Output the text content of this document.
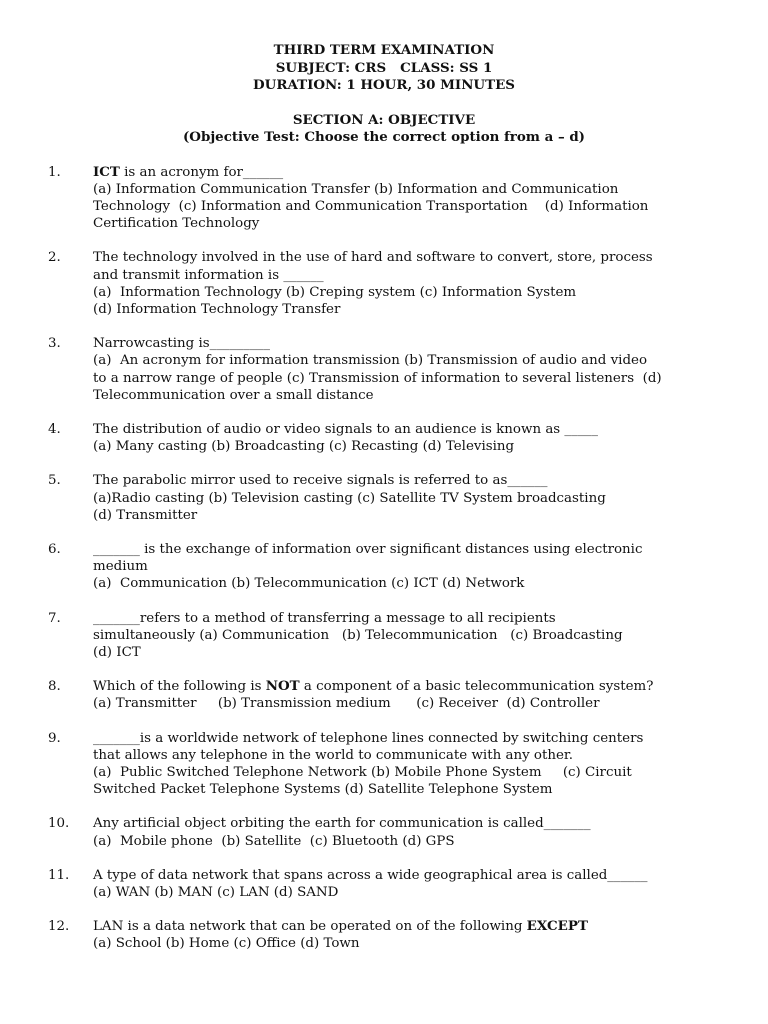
THIRD TERM EXAMINATION
SUBJECT: CRS CLASS: SS 1
DURATION: 1 HOUR, 30 MINUTES
SECTION A: OBJECTIVE
(Objective Test: Choose the correct option from a – d)
1. ICT is an acronym for______
(a) Information Communication Transfer (b) Information and Communication
Technology  (c) Information and Communication Transportation    (d) Information
Certification Technology
2. The technology involved in the use of hard and software to convert, store, process
and transmit information is ______
(a)  Information Technology (b) Creping system (c) Information System
(d) Information Technology Transfer
3. Narrowcasting is_________
(a)  An acronym for information transmission (b) Transmission of audio and video
to a narrow range of people (c) Transmission of information to several listeners  (d)
Telecommunication over a small distance
4. The distribution of audio or video signals to an audience is known as _____
(a) Many casting (b) Broadcasting (c) Recasting (d) Televising
5. The parabolic mirror used to receive signals is referred to as______
(a)Radio casting (b) Television casting (c) Satellite TV System broadcasting
(d) Transmitter
6. _______ is the exchange of information over significant distances using electronic
medium
(a)  Communication (b) Telecommunication (c) ICT (d) Network
7. _______refers to a method of transferring a message to all recipients
simultaneously (a) Communication   (b) Telecommunication   (c) Broadcasting
(d) ICT
8. Which of the following is NOT a component of a basic telecommunication system?
(a) Transmitter     (b) Transmission medium      (c) Receiver  (d) Controller
9. _______is a worldwide network of telephone lines connected by switching centers
that allows any telephone in the world to communicate with any other.
(a)  Public Switched Telephone Network (b) Mobile Phone System     (c) Circuit
Switched Packet Telephone Systems (d) Satellite Telephone System
10. Any artificial object orbiting the earth for communication is called_______
(a)  Mobile phone  (b) Satellite  (c) Bluetooth (d) GPS
11. A type of data network that spans across a wide geographical area is called______
(a) WAN (b) MAN (c) LAN (d) SAND
12. LAN is a data network that can be operated on of the following EXCEPT
(a) School (b) Home (c) Office (d) Town
